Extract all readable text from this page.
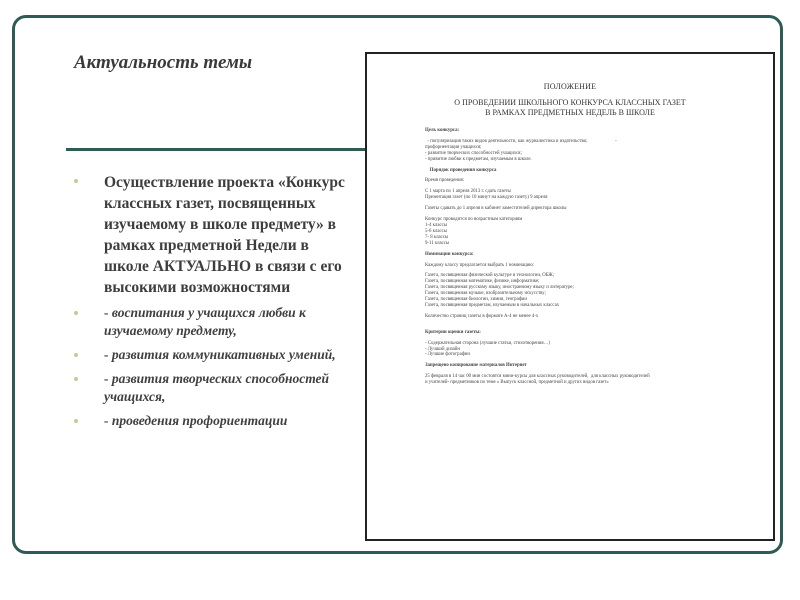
Актуальность темы
Осуществление проекта «Конкурс классных газет, посвященных изучаемому в школе предмету» в рамках предметной Недели в школе АКТУАЛЬНО в связи с его высокими возможностями
- воспитания у учащихся любви к изучаемому предмету,
- развития коммуникативных умений,
- развития творческих способностей учащихся,
- проведения профориентации
ПОЛОЖЕНИЕ
О ПРОВЕДЕНИИ ШКОЛЬНОГО КОНКУРСА КЛАССНЫХ ГАЗЕТ
В РАМКАХ ПРЕДМЕТНЫХ НЕДЕЛЬ В ШКОЛЕ

Цель конкурса:

- популяризация таких видов деятельности, как журналистика и издательство;                       -

профориентация учащихся;

- развитие творческих способностей учащихся;

- привитие любви к предметам, изучаемым в школе.

Порядок проведения конкурса

Время проведения:

С 1 марта по 1 апреля 2013 г. сдать газеты

Презентация газет (по 10 минут на каждую газету) 9 апреля

Газеты сдавать до 1 апреля в кабинет заместителей директора школы

Конкурс проводится по возрастным категориям

1-4 классы

5-6 классы

7- 8 классы

9-11 классы

Номинации конкурса:

Каждому классу предлагается выбрать 1 номинацию:

Газета, посвященная физической культуре и технологии, ОБЖ;

Газета, посвященная математике, физике, информатике;

Газета, посвященная русскому языку, иностранному языку и литературе;

Газета, посвященная музыке, изобразительному искусству;

Газета, посвященная биологии, химии, географии

Газета, посвященная предметам, изучаемым в начальных классах

Количество страниц газеты в формате А-4 не менее 4-х

Критерии оценки газеты:

- Содержательная сторона (лучшие статьи, стихотворения…)

- Лучший дизайн

- Лучшие фотографии

Запрещено копирование материалов Интернет

25 февраля в 14 час 00 мин состоятся мини-курсы для классных руководителей,  для классных руководителей

и учителей- предметников по теме « Выпуск классной, предметной и других видов газет»
